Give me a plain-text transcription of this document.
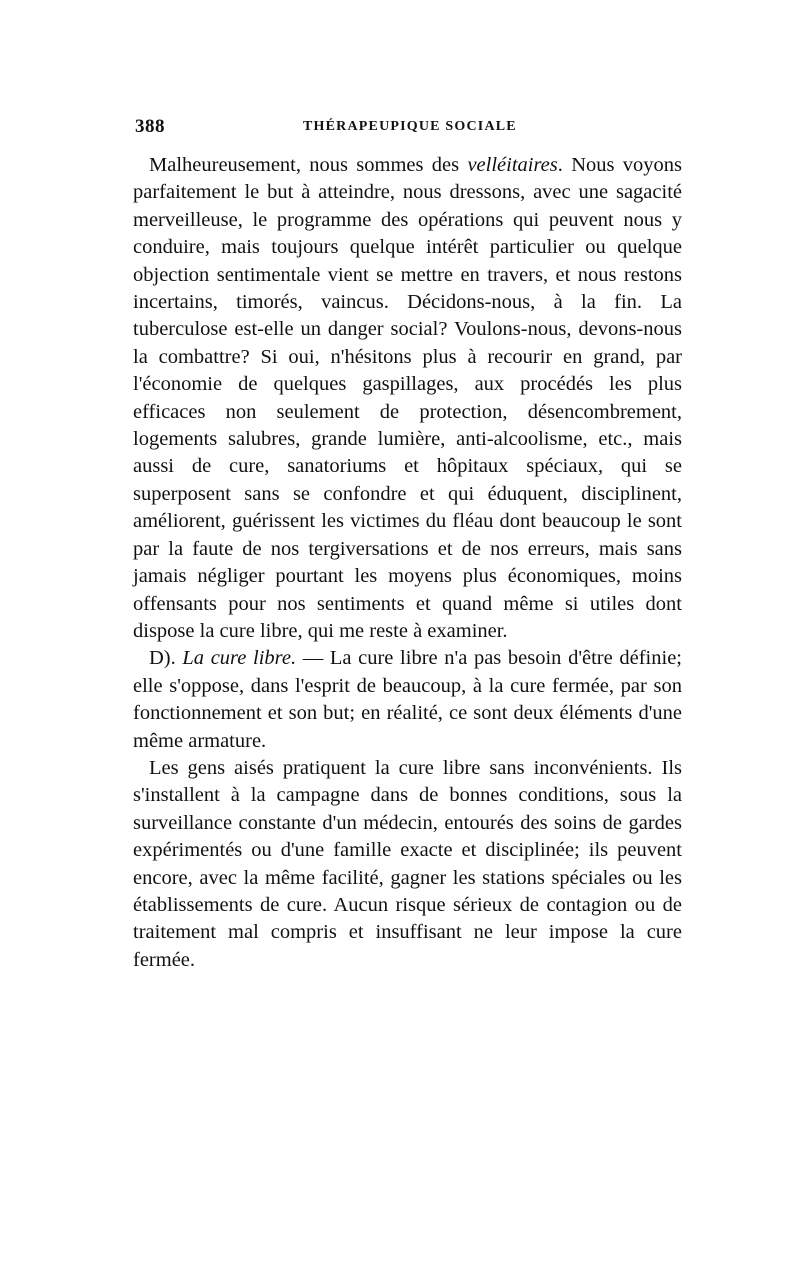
388	THÉRAPEUPIQUE SOCIALE

Malheureusement, nous sommes des velléitaires. Nous voyons parfaitement le but à atteindre, nous dressons, avec une sagacité merveilleuse, le programme des opérations qui peuvent nous y conduire, mais toujours quelque intérêt particulier ou quelque objection sentimentale vient se mettre en travers, et nous restons incertains, timorés, vaincus. Décidons-nous, à la fin. La tuberculose est-elle un danger social? Voulons-nous, devons-nous la combattre? Si oui, n'hésitons plus à recourir en grand, par l'économie de quelques gaspillages, aux procédés les plus efficaces non seulement de protection, désencombrement, logements salubres, grande lumière, anti-alcoolisme, etc., mais aussi de cure, sanatoriums et hôpitaux spéciaux, qui se superposent sans se confondre et qui éduquent, disciplinent, améliorent, guérissent les victimes du fléau dont beaucoup le sont par la faute de nos tergiversations et de nos erreurs, mais sans jamais négliger pourtant les moyens plus économiques, moins offensants pour nos sentiments et quand même si utiles dont dispose la cure libre, qui me reste à examiner.

D). La cure libre. — La cure libre n'a pas besoin d'être définie; elle s'oppose, dans l'esprit de beaucoup, à la cure fermée, par son fonctionnement et son but; en réalité, ce sont deux éléments d'une même armature.

Les gens aisés pratiquent la cure libre sans inconvénients. Ils s'installent à la campagne dans de bonnes conditions, sous la surveillance constante d'un médecin, entourés des soins de gardes expérimentés ou d'une famille exacte et disciplinée; ils peuvent encore, avec la même facilité, gagner les stations spéciales ou les établissements de cure. Aucun risque sérieux de contagion ou de traitement mal compris et insuffisant ne leur impose la cure fermée.
